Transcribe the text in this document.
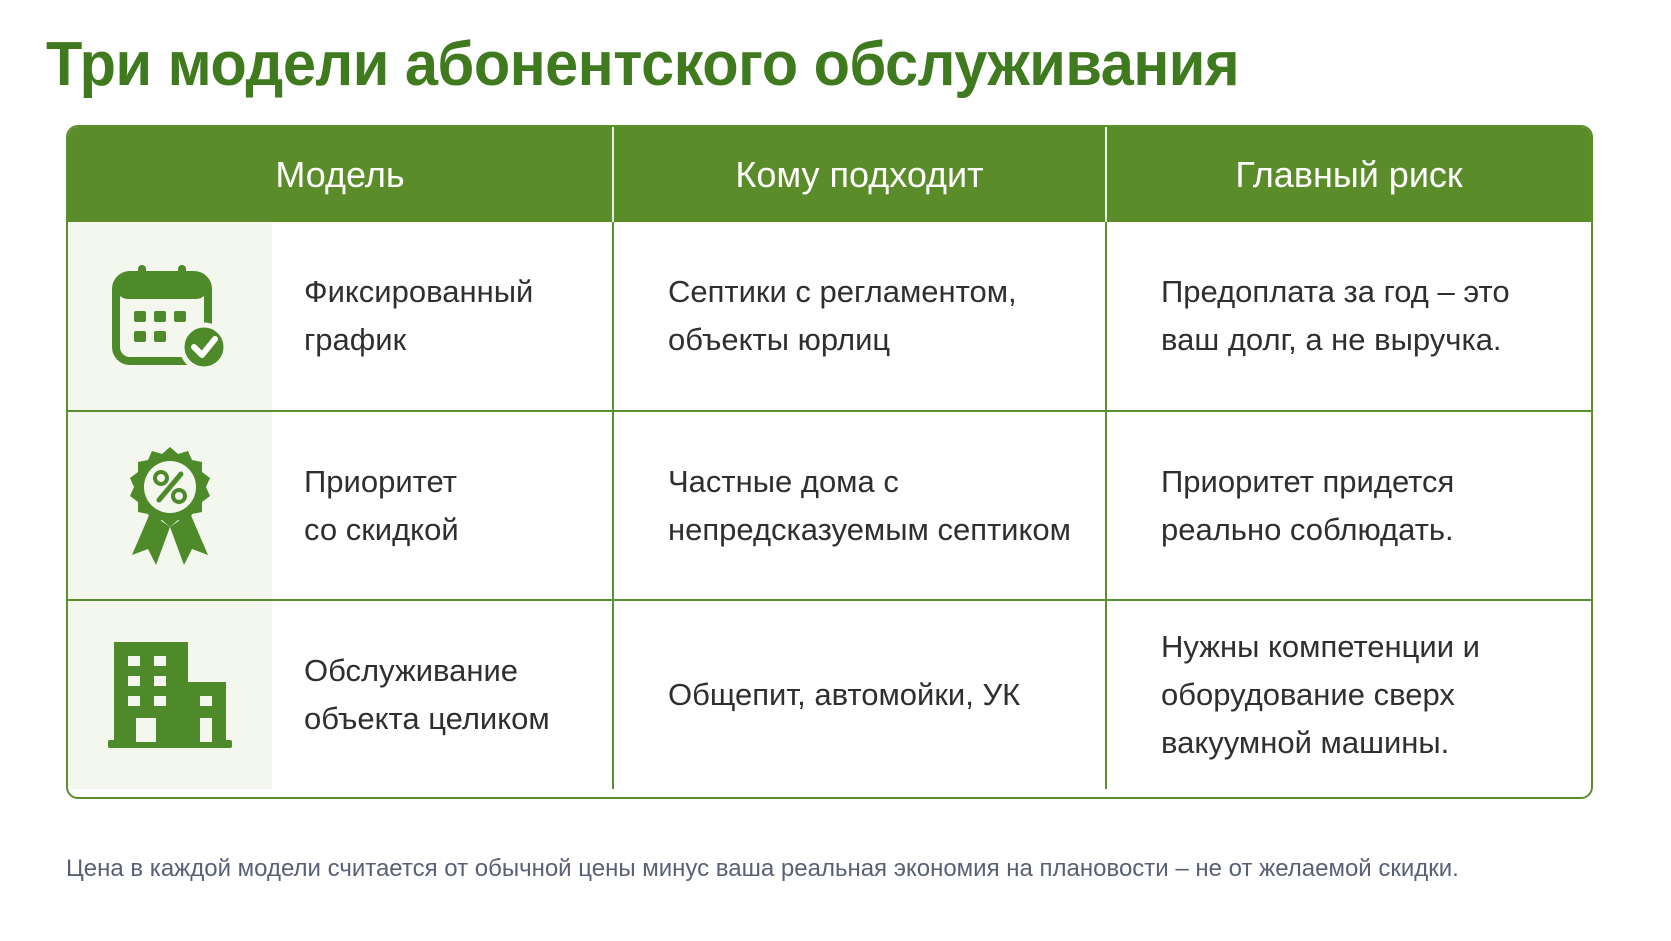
Три модели абонентского обслуживания
Модель	Кому подходит	Главный риск
Фиксированный
график
Септики с регламентом,
объекты юрлиц
Предоплата за год – это
ваш долг, а не выручка.
Приоритет
со скидкой
Частные дома с
непредсказуемым септиком
Приоритет придется
реально соблюдать.
Обслуживание
объекта целиком
Общепит, автомойки, УК
Нужны компетенции и
оборудование сверх
вакуумной машины.

Цена в каждой модели считается от обычной цены минус ваша реальная экономия на плановости – не от желаемой скидки.
